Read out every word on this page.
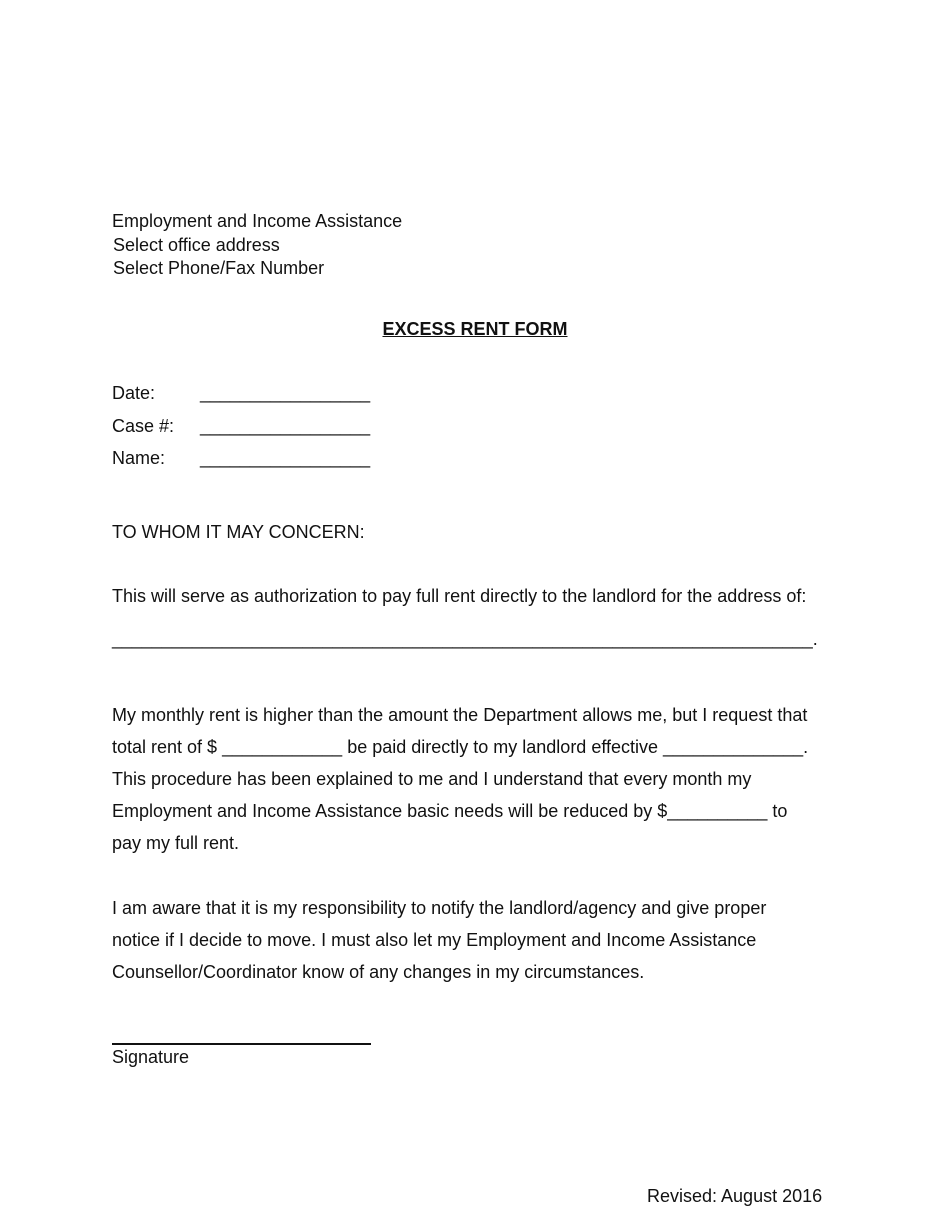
Employment and Income Assistance
Select office address
Select Phone/Fax Number
EXCESS RENT FORM
Date: _________________
Case #: _________________
Name: _________________
TO WHOM IT MAY CONCERN:
This will serve as authorization to pay full rent directly to the landlord for the address of:
______________________________________________________________________.
My monthly rent is higher than the amount the Department allows me, but I request that
total rent of $ ____________ be paid directly to my landlord effective ______________.
This procedure has been explained to me and I understand that every month my
Employment and Income Assistance basic needs will be reduced by $__________ to
pay my full rent.
I am aware that it is my responsibility to notify the landlord/agency and give proper
notice if I decide to move. I must also let my Employment and Income Assistance
Counsellor/Coordinator know of any changes in my circumstances.
Signature
Revised: August 2016
